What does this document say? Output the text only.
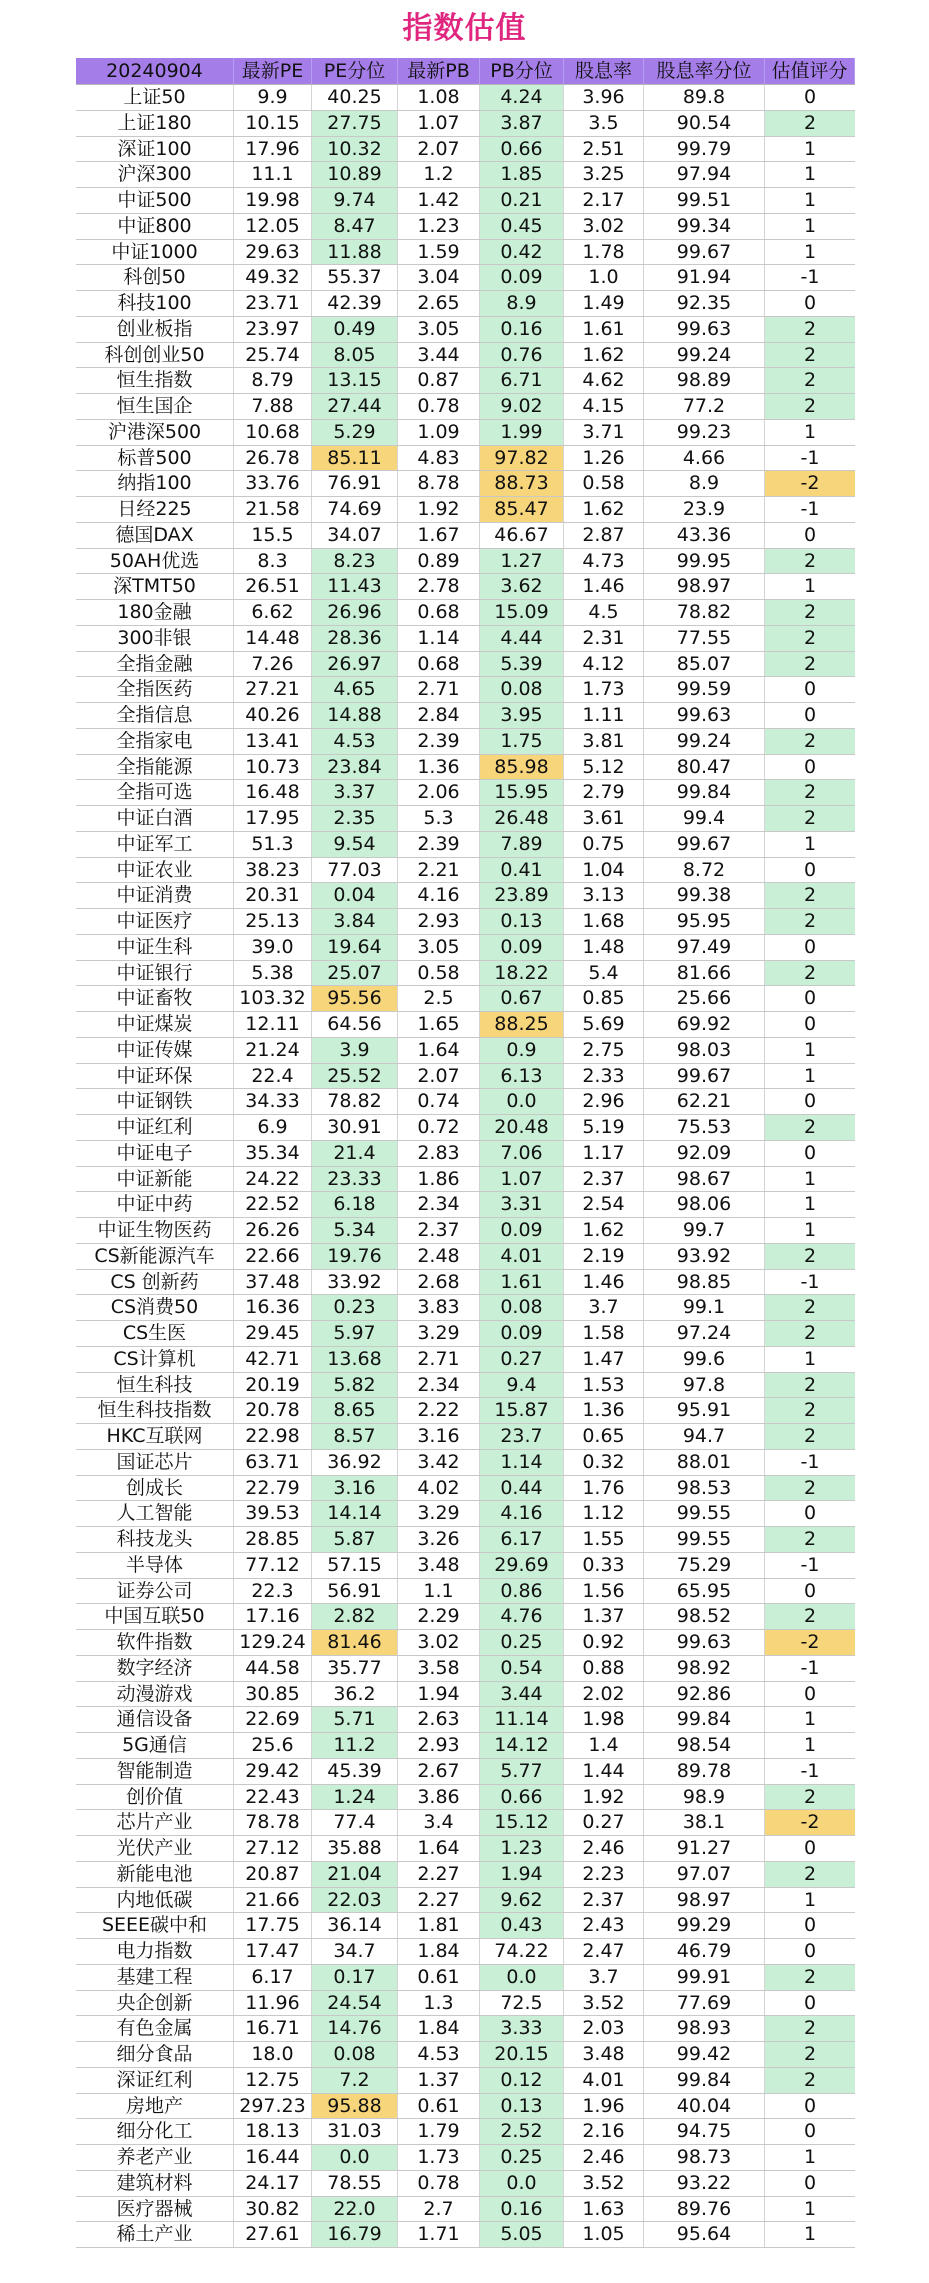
指数估值
20240904	最新PE	PE分位	最新PB	PB分位	股息率	股息率分位	估值评分
上证50	9.9	40.25	1.08	4.24	3.96	89.8	0
上证180	10.15	27.75	1.07	3.87	3.5	90.54	2
深证100	17.96	10.32	2.07	0.66	2.51	99.79	1
沪深300	11.1	10.89	1.2	1.85	3.25	97.94	1
中证500	19.98	9.74	1.42	0.21	2.17	99.51	1
中证800	12.05	8.47	1.23	0.45	3.02	99.34	1
中证1000	29.63	11.88	1.59	0.42	1.78	99.67	1
科创50	49.32	55.37	3.04	0.09	1.0	91.94	-1
科技100	23.71	42.39	2.65	8.9	1.49	92.35	0
创业板指	23.97	0.49	3.05	0.16	1.61	99.63	2
科创创业50	25.74	8.05	3.44	0.76	1.62	99.24	2
恒生指数	8.79	13.15	0.87	6.71	4.62	98.89	2
恒生国企	7.88	27.44	0.78	9.02	4.15	77.2	2
沪港深500	10.68	5.29	1.09	1.99	3.71	99.23	1
标普500	26.78	85.11	4.83	97.82	1.26	4.66	-1
纳指100	33.76	76.91	8.78	88.73	0.58	8.9	-2
日经225	21.58	74.69	1.92	85.47	1.62	23.9	-1
德国DAX	15.5	34.07	1.67	46.67	2.87	43.36	0
50AH优选	8.3	8.23	0.89	1.27	4.73	99.95	2
深TMT50	26.51	11.43	2.78	3.62	1.46	98.97	1
180金融	6.62	26.96	0.68	15.09	4.5	78.82	2
300非银	14.48	28.36	1.14	4.44	2.31	77.55	2
全指金融	7.26	26.97	0.68	5.39	4.12	85.07	2
全指医药	27.21	4.65	2.71	0.08	1.73	99.59	0
全指信息	40.26	14.88	2.84	3.95	1.11	99.63	0
全指家电	13.41	4.53	2.39	1.75	3.81	99.24	2
全指能源	10.73	23.84	1.36	85.98	5.12	80.47	0
全指可选	16.48	3.37	2.06	15.95	2.79	99.84	2
中证白酒	17.95	2.35	5.3	26.48	3.61	99.4	2
中证军工	51.3	9.54	2.39	7.89	0.75	99.67	1
中证农业	38.23	77.03	2.21	0.41	1.04	8.72	0
中证消费	20.31	0.04	4.16	23.89	3.13	99.38	2
中证医疗	25.13	3.84	2.93	0.13	1.68	95.95	2
中证生科	39.0	19.64	3.05	0.09	1.48	97.49	0
中证银行	5.38	25.07	0.58	18.22	5.4	81.66	2
中证畜牧	103.32	95.56	2.5	0.67	0.85	25.66	0
中证煤炭	12.11	64.56	1.65	88.25	5.69	69.92	0
中证传媒	21.24	3.9	1.64	0.9	2.75	98.03	1
中证环保	22.4	25.52	2.07	6.13	2.33	99.67	1
中证钢铁	34.33	78.82	0.74	0.0	2.96	62.21	0
中证红利	6.9	30.91	0.72	20.48	5.19	75.53	2
中证电子	35.34	21.4	2.83	7.06	1.17	92.09	0
中证新能	24.22	23.33	1.86	1.07	2.37	98.67	1
中证中药	22.52	6.18	2.34	3.31	2.54	98.06	1
中证生物医药	26.26	5.34	2.37	0.09	1.62	99.7	1
CS新能源汽车	22.66	19.76	2.48	4.01	2.19	93.92	2
CS 创新药	37.48	33.92	2.68	1.61	1.46	98.85	-1
CS消费50	16.36	0.23	3.83	0.08	3.7	99.1	2
CS生医	29.45	5.97	3.29	0.09	1.58	97.24	2
CS计算机	42.71	13.68	2.71	0.27	1.47	99.6	1
恒生科技	20.19	5.82	2.34	9.4	1.53	97.8	2
恒生科技指数	20.78	8.65	2.22	15.87	1.36	95.91	2
HKC互联网	22.98	8.57	3.16	23.7	0.65	94.7	2
国证芯片	63.71	36.92	3.42	1.14	0.32	88.01	-1
创成长	22.79	3.16	4.02	0.44	1.76	98.53	2
人工智能	39.53	14.14	3.29	4.16	1.12	99.55	0
科技龙头	28.85	5.87	3.26	6.17	1.55	99.55	2
半导体	77.12	57.15	3.48	29.69	0.33	75.29	-1
证券公司	22.3	56.91	1.1	0.86	1.56	65.95	0
中国互联50	17.16	2.82	2.29	4.76	1.37	98.52	2
软件指数	129.24	81.46	3.02	0.25	0.92	99.63	-2
数字经济	44.58	35.77	3.58	0.54	0.88	98.92	-1
动漫游戏	30.85	36.2	1.94	3.44	2.02	92.86	0
通信设备	22.69	5.71	2.63	11.14	1.98	99.84	1
5G通信	25.6	11.2	2.93	14.12	1.4	98.54	1
智能制造	29.42	45.39	2.67	5.77	1.44	89.78	-1
创价值	22.43	1.24	3.86	0.66	1.92	98.9	2
芯片产业	78.78	77.4	3.4	15.12	0.27	38.1	-2
光伏产业	27.12	35.88	1.64	1.23	2.46	91.27	0
新能电池	20.87	21.04	2.27	1.94	2.23	97.07	2
内地低碳	21.66	22.03	2.27	9.62	2.37	98.97	1
SEEE碳中和	17.75	36.14	1.81	0.43	2.43	99.29	0
电力指数	17.47	34.7	1.84	74.22	2.47	46.79	0
基建工程	6.17	0.17	0.61	0.0	3.7	99.91	2
央企创新	11.96	24.54	1.3	72.5	3.52	77.69	0
有色金属	16.71	14.76	1.84	3.33	2.03	98.93	2
细分食品	18.0	0.08	4.53	20.15	3.48	99.42	2
深证红利	12.75	7.2	1.37	0.12	4.01	99.84	2
房地产	297.23	95.88	0.61	0.13	1.96	40.04	0
细分化工	18.13	31.03	1.79	2.52	2.16	94.75	0
养老产业	16.44	0.0	1.73	0.25	2.46	98.73	1
建筑材料	24.17	78.55	0.78	0.0	3.52	93.22	0
医疗器械	30.82	22.0	2.7	0.16	1.63	89.76	1
稀土产业	27.61	16.79	1.71	5.05	1.05	95.64	1
